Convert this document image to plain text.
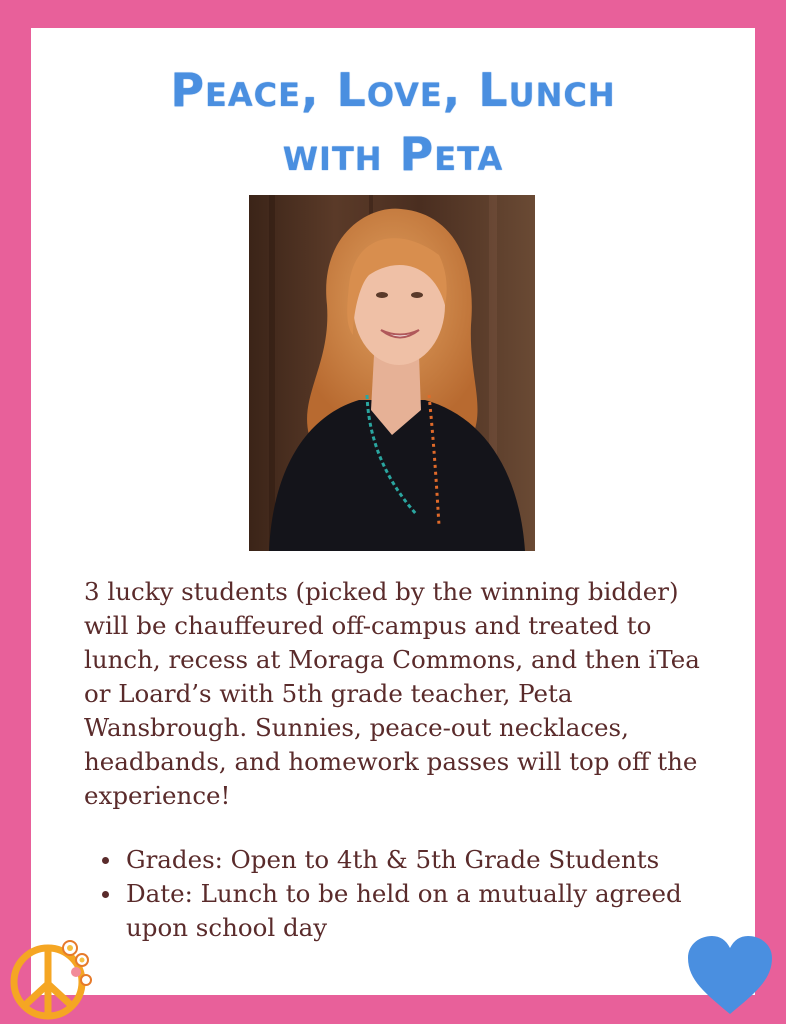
Peace, Love, Lunch
with Peta

3 lucky students (picked by the winning bidder) will be chauffeured off-campus and treated to lunch, recess at Moraga Commons, and then iTea or Loard’s with 5th grade teacher, Peta Wansbrough. Sunnies, peace-out necklaces, headbands, and homework passes will top off the experience!

Grades: Open to 4th & 5th Grade Students
Date: Lunch to be held on a mutually agreed upon school day
